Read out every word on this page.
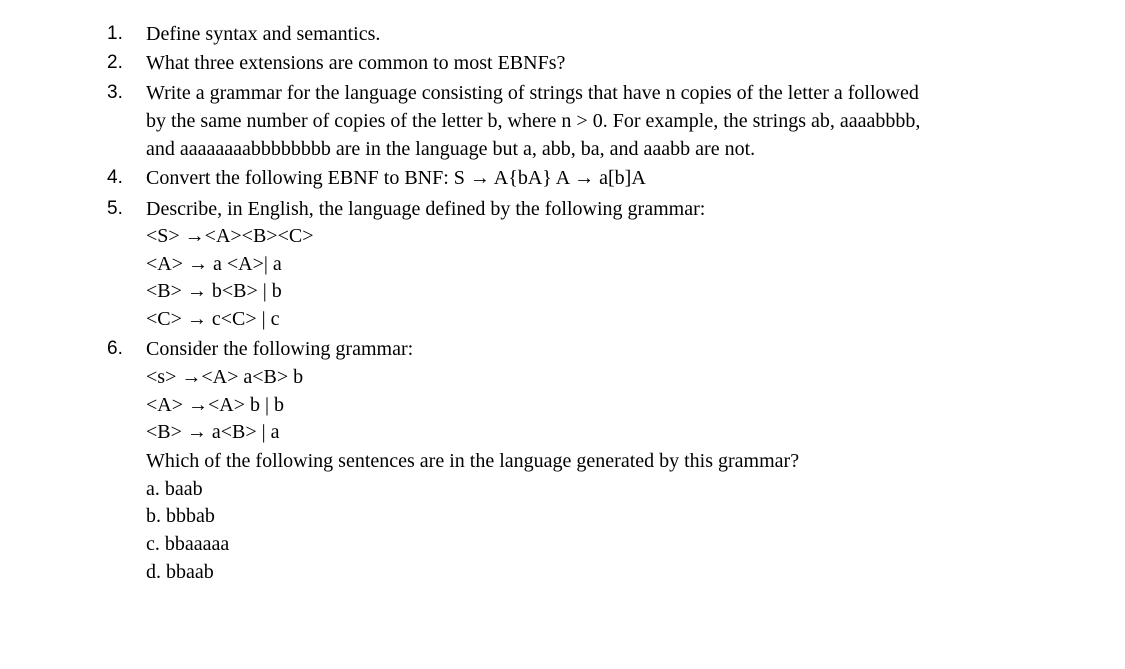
1.	Define syntax and semantics.
2.	What three extensions are common to most EBNFs?
3.	Write a grammar for the language consisting of strings that have n copies of the letter a followed
by the same number of copies of the letter b, where n > 0. For example, the strings ab, aaaabbbb,
and aaaaaaaabbbbbbbb are in the language but a, abb, ba, and aaabb are not.
4.	Convert the following EBNF to BNF: S → A{bA} A → a[b]A
5.	Describe, in English, the language defined by the following grammar:
<S> →<A><B><C>
<A> → a <A>| a
<B> → b<B> | b
<C> → c<C> | c
6.	Consider the following grammar:
<s> →<A> a<B> b
<A> →<A> b | b
<B> → a<B> | a
Which of the following sentences are in the language generated by this grammar?
a. baab
b. bbbab
c. bbaaaaa
d. bbaab
